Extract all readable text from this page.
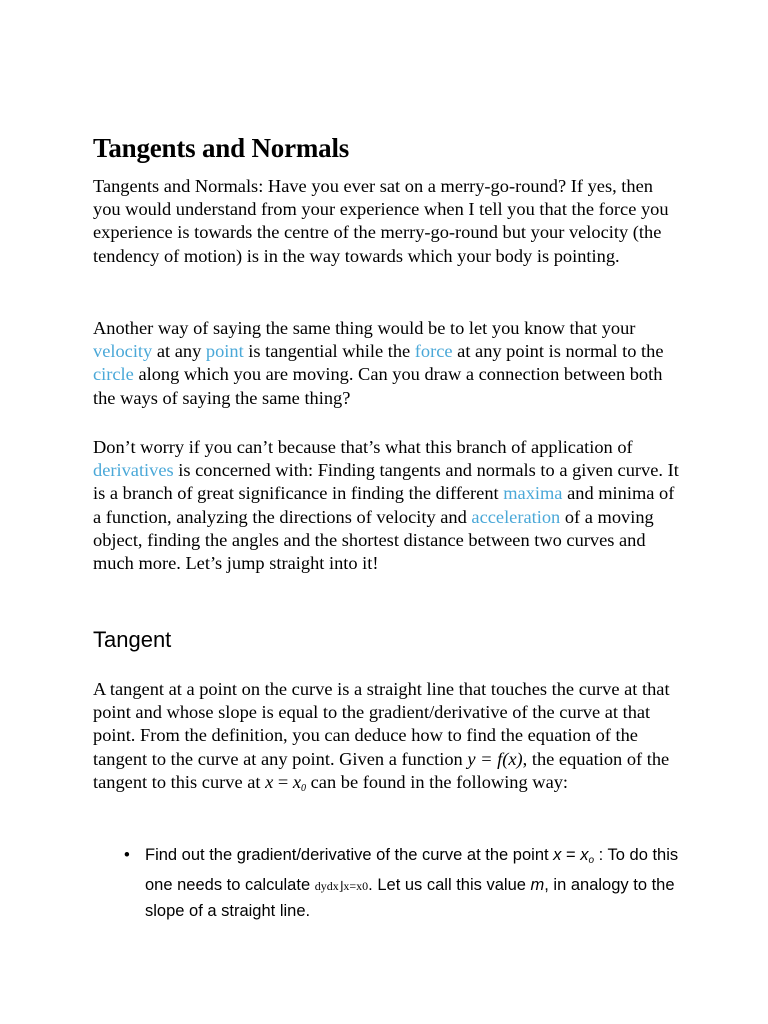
Tangents and Normals

Tangents and Normals: Have you ever sat on a merry-go-round? If yes, then you would understand from your experience when I tell you that the force you experience is towards the centre of the merry-go-round but your velocity (the tendency of motion) is in the way towards which your body is pointing.

Another way of saying the same thing would be to let you know that your velocity at any point is tangential while the force at any point is normal to the circle along which you are moving. Can you draw a connection between both the ways of saying the same thing?

Don’t worry if you can’t because that’s what this branch of application of derivatives is concerned with: Finding tangents and normals to a given curve. It is a branch of great significance in finding the different maxima and minima of a function, analyzing the directions of velocity and acceleration of a moving object, finding the angles and the shortest distance between two curves and much more. Let’s jump straight into it!

Tangent

A tangent at a point on the curve is a straight line that touches the curve at that point and whose slope is equal to the gradient/derivative of the curve at that point. From the definition, you can deduce how to find the equation of the tangent to the curve at any point. Given a function y = f(x), the equation of the tangent to this curve at $x = x_0$ can be found in the following way:

• Find out the gradient/derivative of the curve at the point $x = x_o$ : To do this one needs to calculate dydx⌋x=x0. Let us call this value m, in analogy to the slope of a straight line.
